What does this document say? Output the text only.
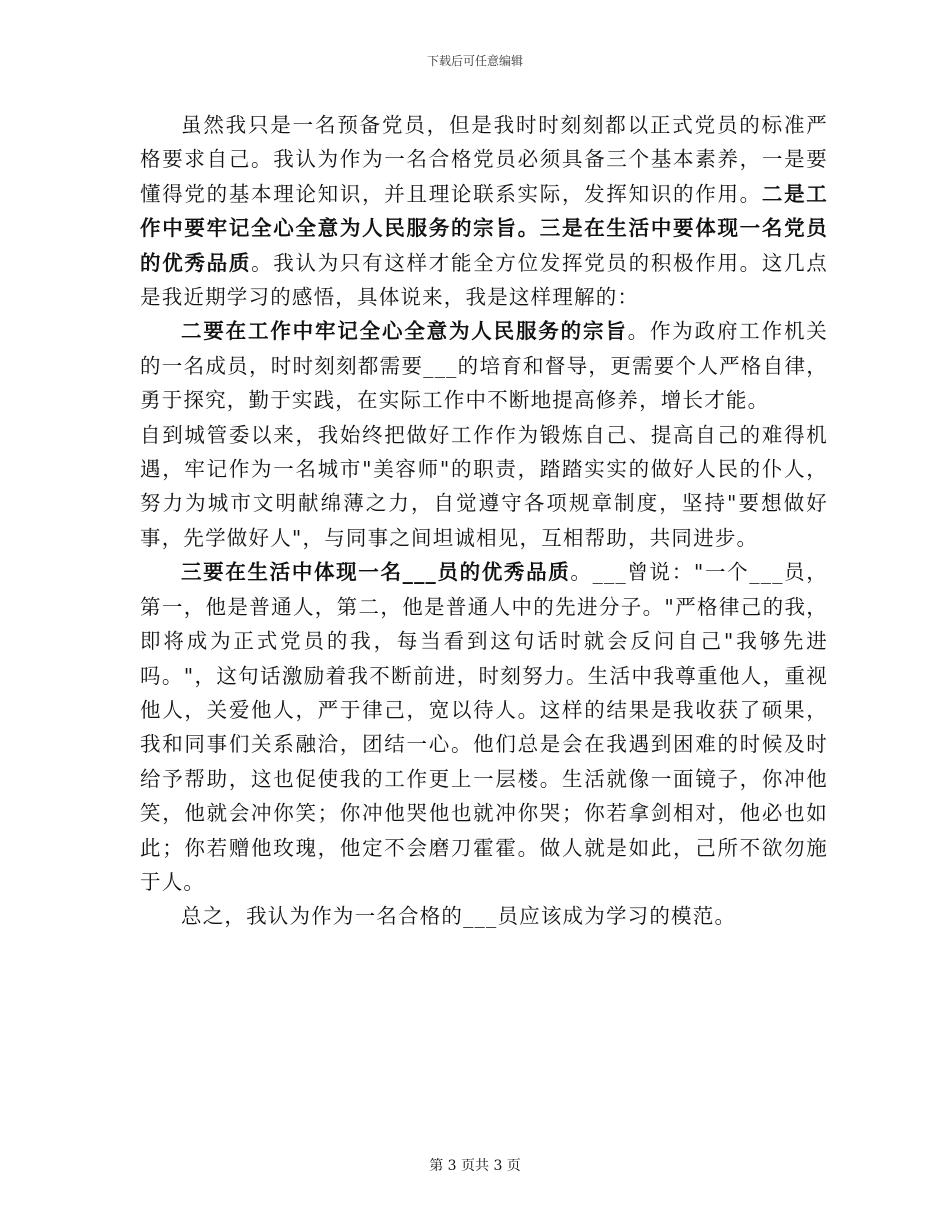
下载后可任意编辑

虽然我只是一名预备党员，但是我时时刻刻都以正式党员的标准严格要求自己。我认为作为一名合格党员必须具备三个基本素养，一是要懂得党的基本理论知识，并且理论联系实际，发挥知识的作用。二是工作中要牢记全心全意为人民服务的宗旨。三是在生活中要体现一名党员的优秀品质。我认为只有这样才能全方位发挥党员的积极作用。这几点是我近期学习的感悟，具体说来，我是这样理解的：

二要在工作中牢记全心全意为人民服务的宗旨。作为政府工作机关的一名成员，时时刻刻都需要___的培育和督导，更需要个人严格自律，勇于探究，勤于实践，在实际工作中不断地提高修养，增长才能。

自到城管委以来，我始终把做好工作作为锻炼自己、提高自己的难得机遇，牢记作为一名城市"美容师"的职责，踏踏实实的做好人民的仆人，努力为城市文明献绵薄之力，自觉遵守各项规章制度，坚持"要想做好事，先学做好人"，与同事之间坦诚相见，互相帮助，共同进步。

三要在生活中体现一名___员的优秀品质。___曾说："一个___员，第一，他是普通人，第二，他是普通人中的先进分子。"严格律己的我，即将成为正式党员的我，每当看到这句话时就会反问自己"我够先进吗。"，这句话激励着我不断前进，时刻努力。生活中我尊重他人，重视他人，关爱他人，严于律己，宽以待人。这样的结果是我收获了硕果，我和同事们关系融洽，团结一心。他们总是会在我遇到困难的时候及时给予帮助，这也促使我的工作更上一层楼。生活就像一面镜子，你冲他笑，他就会冲你笑；你冲他哭他也就冲你哭；你若拿剑相对，他必也如此；你若赠他玫瑰，他定不会磨刀霍霍。做人就是如此，己所不欲勿施于人。

总之，我认为作为一名合格的___员应该成为学习的模范。

第 3 页共 3 页
